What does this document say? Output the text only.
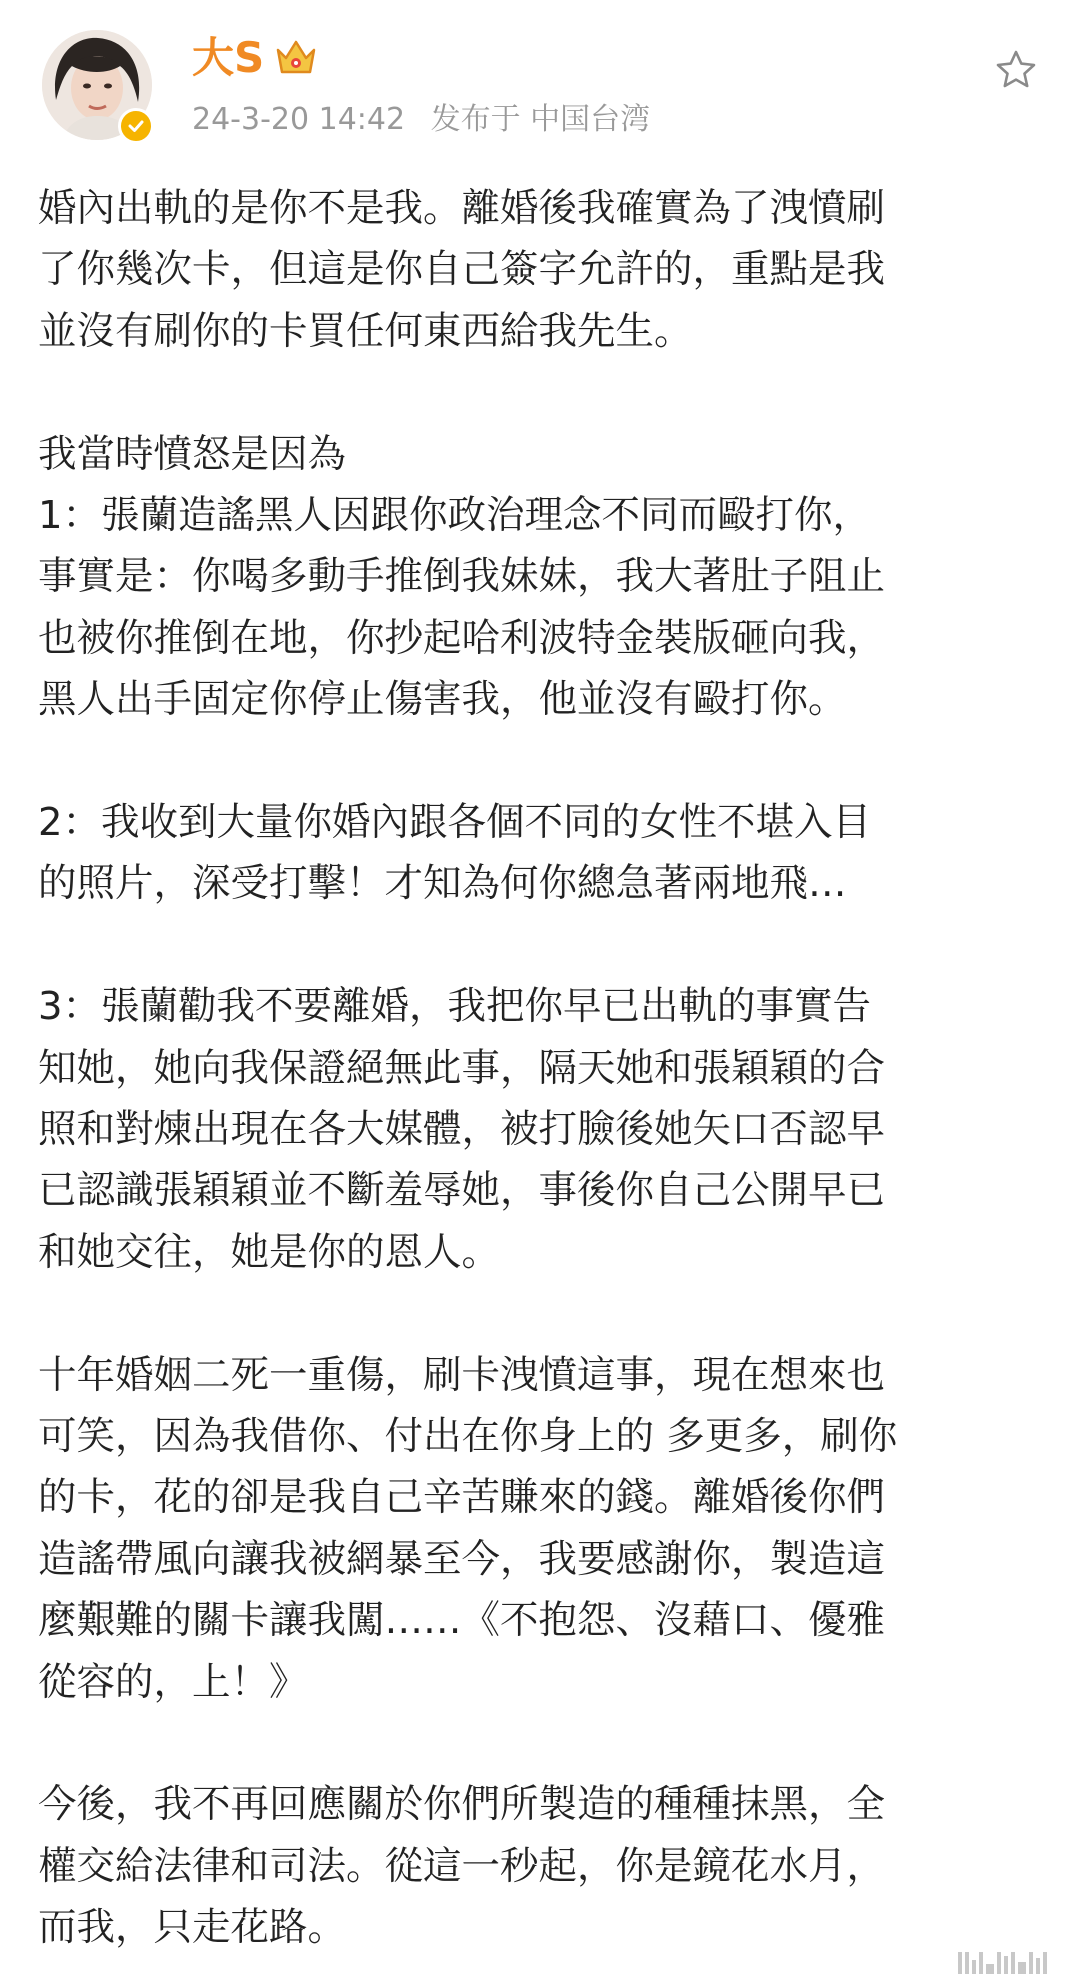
大S
24-3-20 14:42 发布于 中国台湾
婚內出軌的是你不是我。離婚後我確實為了洩憤刷
了你幾次卡，但這是你自己簽字允許的，重點是我
並沒有刷你的卡買任何東西給我先生。
我當時憤怒是因為
1：張蘭造謠黑人因跟你政治理念不同而毆打你，
事實是：你喝多動手推倒我妹妹，我大著肚子阻止
也被你推倒在地，你抄起哈利波特金裝版砸向我，
黑人出手固定你停止傷害我，他並沒有毆打你。
2：我收到大量你婚內跟各個不同的女性不堪入目
的照片，深受打擊！才知為何你總急著兩地飛…
3：張蘭勸我不要離婚，我把你早已出軌的事實告
知她，她向我保證絕無此事，隔天她和張穎穎的合
照和對煉出現在各大媒體，被打臉後她矢口否認早
已認識張穎穎並不斷羞辱她，事後你自己公開早已
和她交往，她是你的恩人。
十年婚姻二死一重傷，刷卡洩憤這事，現在想來也
可笑，因為我借你、付出在你身上的 多更多，刷你
的卡，花的卻是我自己辛苦賺來的錢。離婚後你們
造謠帶風向讓我被網暴至今，我要感謝你，製造這
麼艱難的關卡讓我闖……《不抱怨、沒藉口、優雅
從容的，上！》
今後，我不再回應關於你們所製造的種種抹黑，全
權交給法律和司法。從這一秒起，你是鏡花水月，
而我，只走花路。
